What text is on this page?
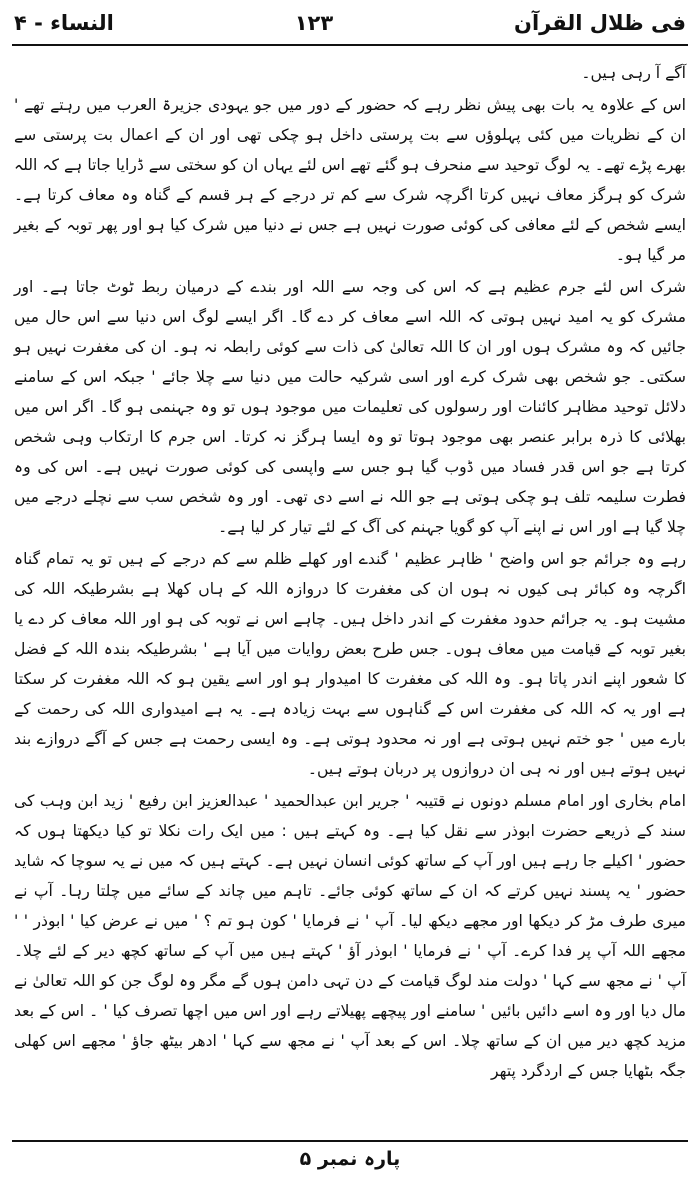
فی ظلال القرآن
۱۲۳
النساء - ۴

آگے آ رہی ہیں۔

اس کے علاوہ یہ بات بھی پیش نظر رہے کہ حضور کے دور میں جو یہودی جزیرۃ العرب میں رہتے تھے ' ان کے نظریات میں کئی پہلوؤں سے بت پرستی داخل ہو چکی تھی اور ان کے اعمال بت پرستی سے بھرے پڑے تھے۔ یہ لوگ توحید سے منحرف ہو گئے تھے اس لئے یہاں ان کو سختی سے ڈرایا جاتا ہے کہ اللہ شرک کو ہرگز معاف نہیں کرتا اگرچہ شرک سے کم تر درجے کے ہر قسم کے گناہ وہ معاف کرتا ہے۔ ایسے شخص کے لئے معافی کی کوئی صورت نہیں ہے جس نے دنیا میں شرک کیا ہو اور پھر توبہ کے بغیر مر گیا ہو۔

شرک اس لئے جرم عظیم ہے کہ اس کی وجہ سے اللہ اور بندے کے درمیان ربط ٹوٹ جاتا ہے۔ اور مشرک کو یہ امید نہیں ہوتی کہ اللہ اسے معاف کر دے گا۔ اگر ایسے لوگ اس دنیا سے اس حال میں جائیں کہ وہ مشرک ہوں اور ان کا اللہ تعالیٰ کی ذات سے کوئی رابطہ نہ ہو۔ ان کی مغفرت نہیں ہو سکتی۔ جو شخص بھی شرک کرے اور اسی شرکیہ حالت میں دنیا سے چلا جائے ' جبکہ اس کے سامنے دلائل توحید مظاہر کائنات اور رسولوں کی تعلیمات میں موجود ہوں تو وہ جہنمی ہو گا۔ اگر اس میں بھلائی کا ذرہ برابر عنصر بھی موجود ہوتا تو وہ ایسا ہرگز نہ کرتا۔ اس جرم کا ارتکاب وہی شخص کرتا ہے جو اس قدر فساد میں ڈوب گیا ہو جس سے واپسی کی کوئی صورت نہیں ہے۔ اس کی وہ فطرت سلیمہ تلف ہو چکی ہوتی ہے جو اللہ نے اسے دی تھی۔ اور وہ شخص سب سے نچلے درجے میں چلا گیا ہے اور اس نے اپنے آپ کو گویا جہنم کی آگ کے لئے تیار کر لیا ہے۔

رہے وہ جرائم جو اس واضح ' ظاہر عظیم ' گندے اور کھلے ظلم سے کم درجے کے ہیں تو یہ تمام گناہ اگرچہ وہ کبائر ہی کیوں نہ ہوں ان کی مغفرت کا دروازہ اللہ کے ہاں کھلا ہے بشرطیکہ اللہ کی مشیت ہو۔ یہ جرائم حدود مغفرت کے اندر داخل ہیں۔ چاہے اس نے توبہ کی ہو اور اللہ معاف کر دے یا بغیر توبہ کے قیامت میں معاف ہوں۔ جس طرح بعض روایات میں آیا ہے ' بشرطیکہ بندہ اللہ کے فضل کا شعور اپنے اندر پاتا ہو۔ وہ اللہ کی مغفرت کا امیدوار ہو اور اسے یقین ہو کہ اللہ مغفرت کر سکتا ہے اور یہ کہ اللہ کی مغفرت اس کے گناہوں سے بہت زیادہ ہے۔ یہ ہے امیدواری اللہ کی رحمت کے بارے میں ' جو ختم نہیں ہوتی ہے اور نہ محدود ہوتی ہے۔ وہ ایسی رحمت ہے جس کے آگے دروازے بند نہیں ہوتے ہیں اور نہ ہی ان دروازوں پر دربان ہوتے ہیں۔

امام بخاری اور امام مسلم دونوں نے قتیبہ ' جریر ابن عبدالحمید ' عبدالعزیز ابن رفیع ' زید ابن وہب کی سند کے ذریعے حضرت ابوذر سے نقل کیا ہے۔ وہ کہتے ہیں : میں ایک رات نکلا تو کیا دیکھتا ہوں کہ حضور ' اکیلے جا رہے ہیں اور آپ کے ساتھ کوئی انسان نہیں ہے۔ کہتے ہیں کہ میں نے یہ سوچا کہ شاید حضور ' یہ پسند نہیں کرتے کہ ان کے ساتھ کوئی جائے۔ تاہم میں چاند کے سائے میں چلتا رہا۔ آپ نے میری طرف مڑ کر دیکھا اور مجھے دیکھ لیا۔ آپ ' نے فرمایا ' کون ہو تم ؟ ' میں نے عرض کیا ' ابوذر ' ' مجھے اللہ آپ پر فدا کرے۔ آپ ' نے فرمایا ' ابوذر آؤ ' کہتے ہیں میں آپ کے ساتھ کچھ دیر کے لئے چلا۔ آپ ' نے مجھ سے کہا ' دولت مند لوگ قیامت کے دن تہی دامن ہوں گے مگر وہ لوگ جن کو اللہ تعالیٰ نے مال دیا اور وہ اسے دائیں بائیں ' سامنے اور پیچھے پھیلاتے رہے اور اس میں اچھا تصرف کیا ' ۔ اس کے بعد مزید کچھ دیر میں ان کے ساتھ چلا۔ اس کے بعد آپ ' نے مجھ سے کہا ' ادھر بیٹھ جاؤ ' مجھے اس کھلی جگہ بٹھایا جس کے اردگرد پتھر

پارہ نمبر ۵
